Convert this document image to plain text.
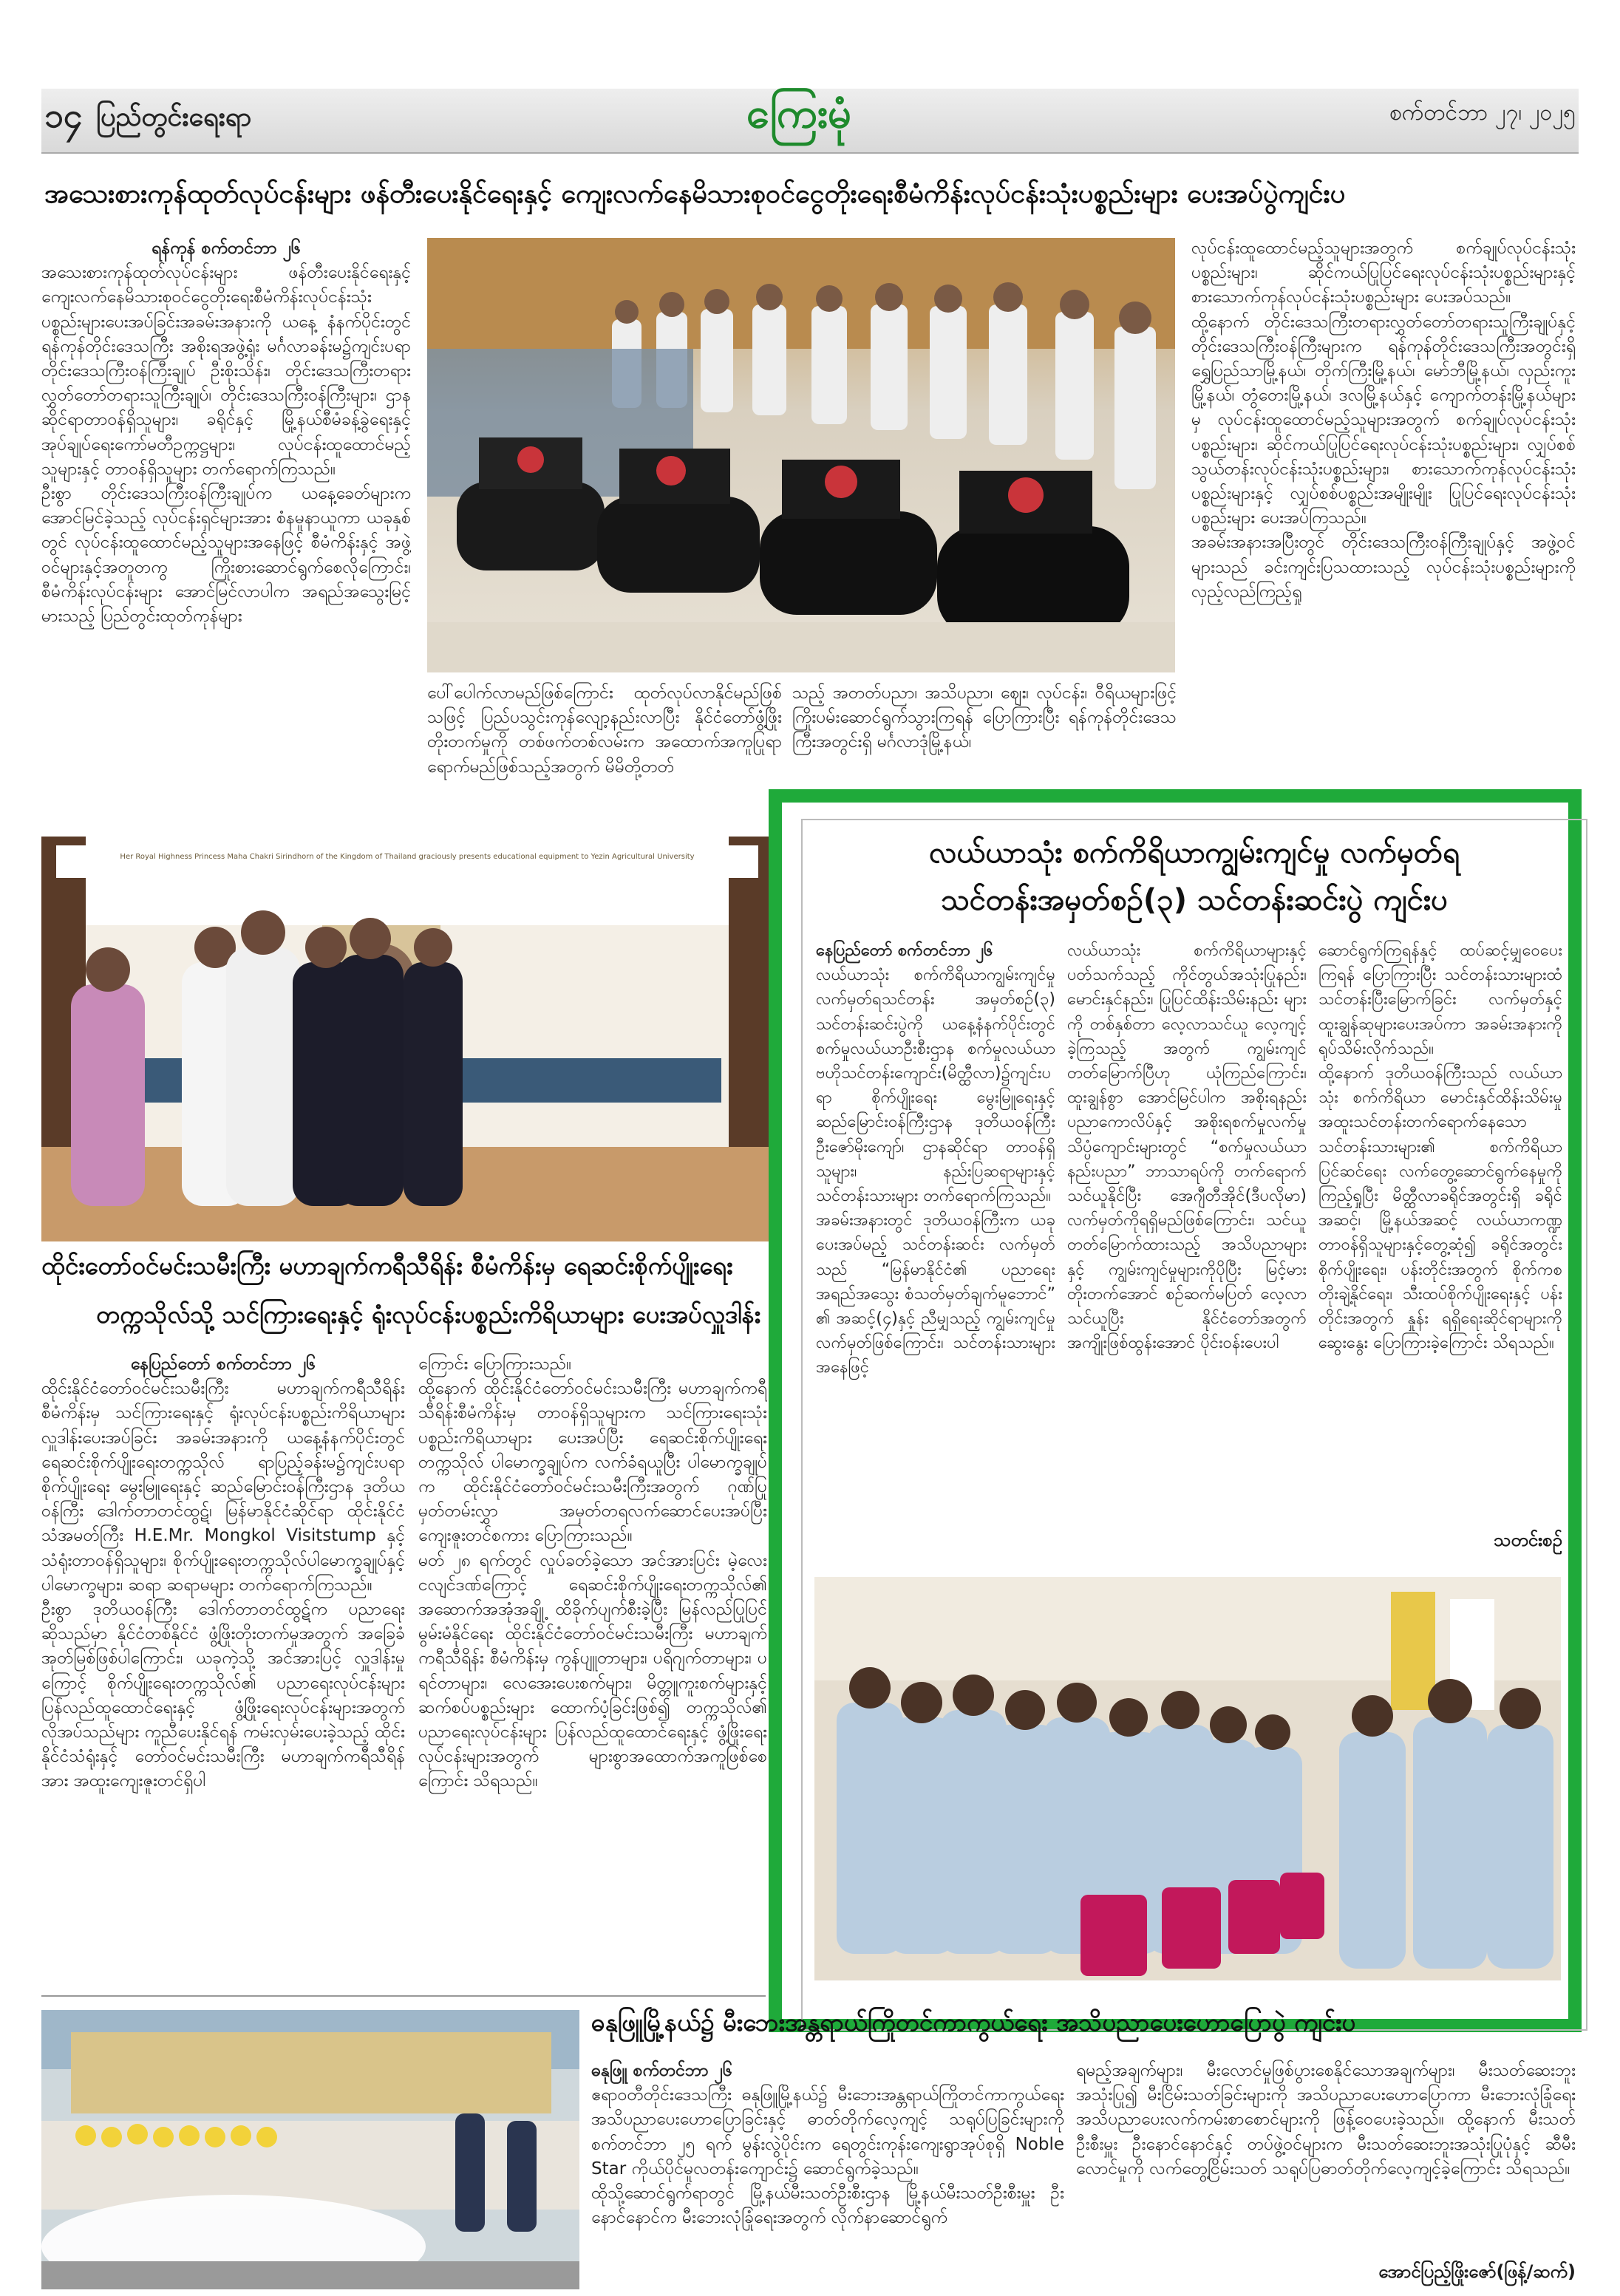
၁၄ ပြည်တွင်းရေးရာ	ကြေးမုံ	စက်တင်ဘာ ၂၇၊ ၂၀၂၅
အသေးစားကုန်ထုတ်လုပ်ငန်းများ ဖန်တီးပေးနိုင်ရေးနှင့် ကျေးလက်နေမိသားစုဝင်ငွေတိုးရေးစီမံကိန်းလုပ်ငန်းသုံးပစ္စည်းများ ပေးအပ်ပွဲကျင်းပ

ရန်ကုန် စက်တင်ဘာ ၂၆

အသေးစားကုန်ထုတ်လုပ်ငန်းများ ဖန်တီးပေးနိုင်ရေးနှင့် ကျေးလက်နေမိသားစုဝင်ငွေတိုးရေးစီမံကိန်းလုပ်ငန်းသုံးပစ္စည်းများပေးအပ်ခြင်းအခမ်းအနားကို ယနေ့ နံနက်ပိုင်းတွင် ရန်ကုန်တိုင်းဒေသကြီး အစိုးရအဖွဲ့ရုံး မင်္ဂလာခန်းမ၌ကျင်းပရာ တိုင်းဒေသကြီးဝန်ကြီးချုပ် ဦးစိုးသိန်း၊ တိုင်းဒေသကြီးတရားလွှတ်တော်တရားသူကြီးချုပ်၊ တိုင်းဒေသကြီးဝန်ကြီးများ၊ ဌာနဆိုင်ရာတာဝန်ရှိသူများ၊ ခရိုင်နှင့် မြို့နယ်စီမံခန့်ခွဲရေးနှင့် အုပ်ချုပ်ရေးကော်မတီဥက္ကဋ္ဌများ၊ လုပ်ငန်းထူထောင်မည့်သူများနှင့် တာဝန်ရှိသူများ တက်ရောက်ကြသည်။

ဦးစွာ တိုင်းဒေသကြီးဝန်ကြီးချုပ်က ယနေ့ခေတ်များက အောင်မြင်ခဲ့သည့် လုပ်ငန်းရှင်များအား စံနမူနာယူကာ ယခုနှစ်တွင် လုပ်ငန်းထူထောင်မည့်သူများအနေဖြင့် စီမံကိန်းနှင့် အဖွဲ့ဝင်များနှင့်အတူတကွ ကြိုးစားဆောင်ရွက်စေလိုကြောင်း၊ စီမံကိန်းလုပ်ငန်းများ အောင်မြင်လာပါက အရည်အသွေးမြင့်မားသည့် ပြည်တွင်းထုတ်ကုန်များ

ပေါ်ပေါက်လာမည်ဖြစ်ကြောင်း ထုတ်လုပ်လာနိုင်မည်ဖြစ်သဖြင့် ပြည်ပသွင်းကုန်လျော့နည်းလာပြီး နိုင်ငံတော်ဖွံ့ဖြိုးတိုးတက်မှုကို တစ်ဖက်တစ်လမ်းက အထောက်အကူပြုရာရောက်မည်ဖြစ်သည့်အတွက် မိမိတို့တတ်

သည့် အတတ်ပညာ၊ အသိပညာ၊ ဈေး၊ လုပ်ငန်း၊ ဝီရိယများဖြင့် ကြိုးပမ်းဆောင်ရွက်သွားကြရန် ပြောကြားပြီး ရန်ကုန်တိုင်းဒေသကြီးအတွင်းရှိ မင်္ဂလာဒုံမြို့နယ်၊

လုပ်ငန်းထူထောင်မည့်သူများအတွက် စက်ချုပ်လုပ်ငန်းသုံးပစ္စည်းများ၊ ဆိုင်ကယ်ပြုပြင်ရေးလုပ်ငန်းသုံးပစ္စည်းများနှင့် စားသောက်ကုန်လုပ်ငန်းသုံးပစ္စည်းများ ပေးအပ်သည်။

ထို့နောက် တိုင်းဒေသကြီးတရားလွှတ်တော်တရားသူကြီးချုပ်နှင့် တိုင်းဒေသကြီးဝန်ကြီးများက ရန်ကုန်တိုင်းဒေသကြီးအတွင်းရှိ ရွှေပြည်သာမြို့နယ်၊ တိုက်ကြီးမြို့နယ်၊ မော်ဘီမြို့နယ်၊ လှည်းကူးမြို့နယ်၊ တွံတေးမြို့နယ်၊ ဒလမြို့နယ်နှင့် ကျောက်တန်းမြို့နယ်များမှ လုပ်ငန်းထူထောင်မည့်သူများအတွက် စက်ချုပ်လုပ်ငန်းသုံးပစ္စည်းများ၊ ဆိုင်ကယ်ပြုပြင်ရေးလုပ်ငန်းသုံးပစ္စည်းများ၊ လျှပ်စစ်သွယ်တန်းလုပ်ငန်းသုံးပစ္စည်းများ၊ စားသောက်ကုန်လုပ်ငန်းသုံးပစ္စည်းများနှင့် လျှပ်စစ်ပစ္စည်းအမျိုးမျိုး ပြုပြင်ရေးလုပ်ငန်းသုံးပစ္စည်းများ ပေးအပ်ကြသည်။

အခမ်းအနားအပြီးတွင် တိုင်းဒေသကြီးဝန်ကြီးချုပ်နှင့် အဖွဲ့ဝင်များသည် ခင်းကျင်းပြသထားသည့် လုပ်ငန်းသုံးပစ္စည်းများကို လှည့်လည်ကြည့်ရှု

Her Royal Highness Princess Maha Chakri Sirindhorn of the Kingdom of Thailand graciously presents educational equipment to Yezin Agricultural University
ထိုင်းတော်ဝင်မင်းသမီးကြီး မဟာချက်ကရီသီရိန်း စီမံကိန်းမှ ရေဆင်းစိုက်ပျိုးရေး
တက္ကသိုလ်သို့ သင်ကြားရေးနှင့် ရုံးလုပ်ငန်းပစ္စည်းကိရိယာများ ပေးအပ်လှူဒါန်း

နေပြည်တော် စက်တင်ဘာ ၂၆

ထိုင်းနိုင်ငံတော်ဝင်မင်းသမီးကြီး မဟာချက်ကရီသီရိန်းစီမံကိန်းမှ သင်ကြားရေးနှင့် ရုံးလုပ်ငန်းပစ္စည်းကိရိယာများ လှူဒါန်းပေးအပ်ခြင်း အခမ်းအနားကို ယနေ့နံနက်ပိုင်းတွင် ရေဆင်းစိုက်ပျိုးရေးတက္ကသိုလ် ရာပြည့်ခန်းမ၌ကျင်းပရာ စိုက်ပျိုးရေး မွေးမြူရေးနှင့် ဆည်မြောင်းဝန်ကြီးဌာန ဒုတိယဝန်ကြီး ဒေါက်တာတင်ထွဋ်၊ မြန်မာနိုင်ငံဆိုင်ရာ ထိုင်းနိုင်ငံသံအမတ်ကြီး H.E.Mr. Mongkol Visitstump နှင့် သံရုံးတာဝန်ရှိသူများ၊ စိုက်ပျိုးရေးတက္ကသိုလ်ပါမောက္ခချုပ်နှင့် ပါမောက္ခများ၊ ဆရာ ဆရာမများ တက်ရောက်ကြသည်။

ဦးစွာ ဒုတိယဝန်ကြီး ဒေါက်တာတင်ထွဋ်က ပညာရေးဆိုသည်မှာ နိုင်ငံတစ်နိုင်ငံ ဖွံ့ဖြိုးတိုးတက်မှုအတွက် အခြေခံအုတ်မြစ်ဖြစ်ပါကြောင်း၊ ယခုကဲ့သို့ အင်အားပြင့် လှူဒါန်းမှုကြောင့် စိုက်ပျိုးရေးတက္ကသိုလ်၏ ပညာရေးလုပ်ငန်းများ ပြန်လည်ထူထောင်ရေးနှင့် ဖွံ့ဖြိုးရေးလုပ်ငန်းများအတွက် လိုအပ်သည်များ ကူညီပေးနိုင်ရန် ကမ်းလှမ်းပေးခဲ့သည့် ထိုင်းနိုင်ငံသံရုံးနှင့် တော်ဝင်မင်းသမီးကြီး မဟာချက်ကရီသီရိန်အား အထူးကျေးဇူးတင်ရှိပါ

ကြောင်း ပြောကြားသည်။

ထို့နောက် ထိုင်းနိုင်ငံတော်ဝင်မင်းသမီးကြီး မဟာချက်ကရီသီရိန်းစီမံကိန်းမှ တာဝန်ရှိသူများက သင်ကြားရေးသုံးပစ္စည်းကိရိယာများ ပေးအပ်ပြီး ရေဆင်းစိုက်ပျိုးရေးတက္ကသိုလ် ပါမောက္ခချုပ်က လက်ခံရယူပြီး ပါမောက္ခချုပ်က ထိုင်းနိုင်ငံတော်ဝင်မင်းသမီးကြီးအတွက် ဂုဏ်ပြုမှတ်တမ်းလွှာ အမှတ်တရလက်ဆောင်ပေးအပ်ပြီး ကျေးဇူးတင်စကား ပြောကြားသည်။

မတ် ၂၈ ရက်တွင် လှုပ်ခတ်ခဲ့သော အင်အားပြင်း မဲ့လေးငလျင်ဒဏ်ကြောင့် ရေဆင်းစိုက်ပျိုးရေးတက္ကသိုလ်၏ အဆောက်အအုံအချို့ ထိခိုက်ပျက်စီးခဲ့ပြီး မြန်လည်ပြုပြင်မွမ်းမံနိုင်ရေး ထိုင်းနိုင်ငံတော်ဝင်မင်းသမီးကြီး မဟာချက်ကရီသီရိန်း စီမံကိန်းမှ ကွန်ပျူတာများ၊ ပရိဂျက်တာများ၊ ပရင်တာများ၊ လေအေးပေးစက်များ၊ မိတ္တူကူးစက်များနှင့် ဆက်စပ်ပစ္စည်းများ ထောက်ပံ့ခြင်းဖြစ်၍ တက္ကသိုလ်၏ ပညာရေးလုပ်ငန်းများ ပြန်လည်ထူထောင်ရေးနှင့် ဖွံ့ဖြိုးရေးလုပ်ငန်းများအတွက် များစွာအထောက်အကူဖြစ်စေကြောင်း သိရသည်။

လယ်ယာသုံး စက်ကိရိယာကျွမ်းကျင်မှု လက်မှတ်ရ
သင်တန်းအမှတ်စဉ်(၃) သင်တန်းဆင်းပွဲ ကျင်းပ

နေပြည်တော် စက်တင်ဘာ ၂၆

လယ်ယာသုံး စက်ကိရိယာကျွမ်းကျင်မှု လက်မှတ်ရသင်တန်း အမှတ်စဉ်(၃) သင်တန်းဆင်းပွဲကို ယနေ့နံနက်ပိုင်းတွင် စက်မှုလယ်ယာဦးစီးဌာန စက်မှုလယ်ယာ ဗဟိုသင်တန်းကျောင်း(မိတ္ထီလာ)၌ကျင်းပရာ စိုက်ပျိုးရေး မွေးမြူရေးနှင့် ဆည်မြောင်းဝန်ကြီးဌာန ဒုတိယဝန်ကြီး ဦးဇော်မိုးကျော်၊ ဌာနဆိုင်ရာ တာဝန်ရှိသူများ၊ နည်းပြဆရာများနှင့် သင်တန်းသားများ တက်ရောက်ကြသည်။

အခမ်းအနားတွင် ဒုတိယဝန်ကြီးက ယခုပေးအပ်မည့် သင်တန်းဆင်း လက်မှတ်သည် “မြန်မာနိုင်ငံ၏ ပညာရေးအရည်အသွေး စံသတ်မှတ်ချက်မူဘောင်” ၏ အဆင့်(၄)နှင့် ညီမျှသည့် ကျွမ်းကျင်မှု လက်မှတ်ဖြစ်ကြောင်း၊ သင်တန်းသားများ အနေဖြင့်

လယ်ယာသုံး စက်ကိရိယာများနှင့်ပတ်သက်သည့် ကိုင်တွယ်အသုံးပြုနည်း၊ မောင်းနှင်နည်း၊ ပြုပြင်ထိန်းသိမ်းနည်း များကို တစ်နှစ်တာ လေ့လာသင်ယူ လေ့ကျင့်ခဲ့ကြသည့် အတွက် ကျွမ်းကျင် တတ်မြောက်ပြီဟု ယုံကြည်ကြောင်း၊ ထူးချွန်စွာ အောင်မြင်ပါက အစိုးရနည်းပညာကောလိပ်နှင့် အစိုးရစက်မှုလက်မှုသိပ္ပံကျောင်းများတွင် “စက်မှုလယ်ယာနည်းပညာ” ဘာသာရပ်ကို တက်ရောက်သင်ယူနိုင်ပြီး အေဂျီတီအိုင်(ဒီပလိုမာ) လက်မှတ်ကိုရရှိမည်ဖြစ်ကြောင်း၊ သင်ယူတတ်မြောက်ထားသည့် အသိပညာများနှင့် ကျွမ်းကျင်မှုများကိုပိုပြီး မြင့်မားတိုးတက်အောင် စဉ်ဆက်မပြတ် လေ့လာသင်ယူပြီး နိုင်ငံတော်အတွက် အကျိုးဖြစ်ထွန်းအောင် ပိုင်းဝန်းပေးပါ

ဆောင်ရွက်ကြရန်နှင့် ထပ်ဆင့်မျှဝေပေးကြရန် ပြောကြားပြီး သင်တန်းသားများထံ သင်တန်းပြီးမြောက်ခြင်း လက်မှတ်နှင့် ထူးချွန်ဆုများပေးအပ်ကာ အခမ်းအနားကို ရုပ်သိမ်းလိုက်သည်။

ထို့နောက် ဒုတိယဝန်ကြီးသည် လယ်ယာသုံး စက်ကိရိယာ မောင်းနှင်ထိန်းသိမ်းမှု အထူးသင်တန်းတက်ရောက်နေသော သင်တန်းသားများ၏ စက်ကိရိယာ ပြင်ဆင်ရေး လက်တွေ့ဆောင်ရွက်နေမှုကိုကြည့်ရှုပြီး မိတ္ထီလာခရိုင်အတွင်းရှိ ခရိုင်အဆင့်၊ မြို့နယ်အဆင့် လယ်ယာကဏ္ဍ တာဝန်ရှိသူများနှင့်တွေ့ဆုံ၍ ခရိုင်အတွင်း စိုက်ပျိုးရေး၊ ပန်းတိုင်းအတွက် စိုက်ကစတိုးချဲ့နိုင်ရေး၊ သီးထပ်စိုက်ပျိုးရေးနှင့် ပန်းတိုင်းအတွက် နှုန်း ရရှိရေးဆိုင်ရာများကို ဆွေးနွေး ပြောကြားခဲ့ကြောင်း သိရသည်။

သတင်းစဉ်
ဓနုဖြူမြို့နယ်၌ မီးဘေးအန္တရာယ်ကြိုတင်ကာကွယ်ရေး အသိပညာပေးဟောပြောပွဲ ကျင်းပ

ဓနုဖြူ စက်တင်ဘာ ၂၆

ဧရာဝတီတိုင်းဒေသကြီး ဓနုဖြူမြို့နယ်၌ မီးဘေးအန္တရာယ်ကြိုတင်ကာကွယ်ရေး အသိပညာပေးဟောပြောခြင်းနှင့် ဓာတ်တိုက်လေ့ကျင့် သရုပ်ပြခြင်းများကို စက်တင်ဘာ ၂၅ ရက် မွန်းလွဲပိုင်းက ရေတွင်းကုန်းကျေးရွာအုပ်စုရှိ Noble Star ကိုယ်ပိုင်မူလတန်းကျောင်း၌ ဆောင်ရွက်ခဲ့သည်။

ထိုသို့ဆောင်ရွက်ရာတွင် မြို့နယ်မီးသတ်ဦးစီးဌာန မြို့နယ်မီးသတ်ဦးစီးမှူး ဦးနောင်နောင်က မီးဘေးလုံခြုံရေးအတွက် လိုက်နာဆောင်ရွက်

ရမည့်အချက်များ၊ မီးလောင်မှုဖြစ်ပွားစေနိုင်သောအချက်များ၊ မီးသတ်ဆေးဘူးအသုံးပြု၍ မီးငြိမ်းသတ်ခြင်းများကို အသိပညာပေးဟောပြောကာ မီးဘေးလုံခြုံရေးအသိပညာပေးလက်ကမ်းစာစောင်များကို ဖြန့်ဝေပေးခဲ့သည်။ ထို့နောက် မီးသတ်ဦးစီးမှူး ဦးနောင်နောင်နှင့် တပ်ဖွဲ့ဝင်များက မီးသတ်ဆေးဘူးအသုံးပြုပုံနှင့် ဆီမီးလောင်မှုကို လက်တွေ့ငြိမ်းသတ် သရုပ်ပြဓာတ်တိုက်လေ့ကျင့်ခဲ့ကြောင်း သိရသည်။

အောင်ပြည့်ဖြိုးဇော်(ဖြန့်/ဆက်)
